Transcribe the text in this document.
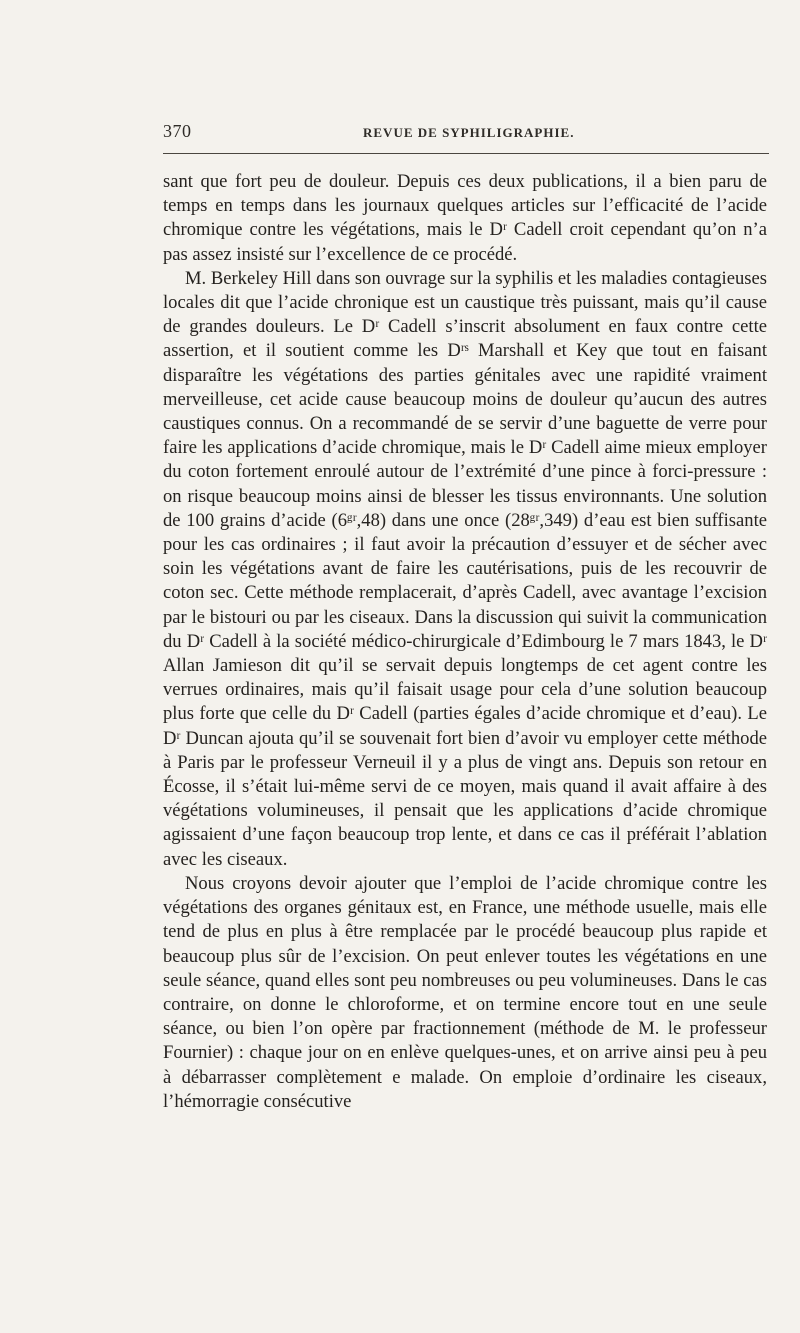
370	REVUE DE SYPHILIGRAPHIE.

sant que fort peu de douleur. Depuis ces deux publications, il a bien paru de temps en temps dans les journaux quelques articles sur l’efficacité de l’acide chromique contre les végétations, mais le Dʳ Cadell croit cependant qu’on n’a pas assez insisté sur l’excellence de ce procédé.

M. Berkeley Hill dans son ouvrage sur la syphilis et les maladies contagieuses locales dit que l’acide chronique est un caustique très puissant, mais qu’il cause de grandes douleurs. Le Dʳ Cadell s’inscrit absolument en faux contre cette assertion, et il soutient comme les Dʳˢ Marshall et Key que tout en faisant disparaître les végétations des parties génitales avec une rapidité vraiment merveilleuse, cet acide cause beaucoup moins de douleur qu’aucun des autres caustiques connus. On a recommandé de se servir d’une baguette de verre pour faire les applications d’acide chromique, mais le Dʳ Cadell aime mieux employer du coton fortement enroulé autour de l’extrémité d’une pince à forci-pressure : on risque beaucoup moins ainsi de blesser les tissus environnants. Une solution de 100 grains d’acide (6ᵍʳ,48) dans une once (28ᵍʳ,349) d’eau est bien suffisante pour les cas ordinaires ; il faut avoir la précaution d’essuyer et de sécher avec soin les végétations avant de faire les cautérisations, puis de les recouvrir de coton sec. Cette méthode remplacerait, d’après Cadell, avec avantage l’excision par le bistouri ou par les ciseaux. Dans la discussion qui suivit la communication du Dʳ Cadell à la société médico-chirurgicale d’Edimbourg le 7 mars 1843, le Dʳ Allan Jamieson dit qu’il se servait depuis longtemps de cet agent contre les verrues ordinaires, mais qu’il faisait usage pour cela d’une solution beaucoup plus forte que celle du Dʳ Cadell (parties égales d’acide chromique et d’eau). Le Dʳ Duncan ajouta qu’il se souvenait fort bien d’avoir vu employer cette méthode à Paris par le professeur Verneuil il y a plus de vingt ans. Depuis son retour en Écosse, il s’était lui-même servi de ce moyen, mais quand il avait affaire à des végétations volumineuses, il pensait que les applications d’acide chromique agissaient d’une façon beaucoup trop lente, et dans ce cas il préférait l’ablation avec les ciseaux.

Nous croyons devoir ajouter que l’emploi de l’acide chromique contre les végétations des organes génitaux est, en France, une méthode usuelle, mais elle tend de plus en plus à être remplacée par le procédé beaucoup plus rapide et beaucoup plus sûr de l’excision. On peut enlever toutes les végétations en une seule séance, quand elles sont peu nombreuses ou peu volumineuses. Dans le cas contraire, on donne le chloroforme, et on termine encore tout en une seule séance, ou bien l’on opère par fractionnement (méthode de M. le professeur Fournier) : chaque jour on en enlève quelques-unes, et on arrive ainsi peu à peu à débarrasser complètement e malade. On emploie d’ordinaire les ciseaux, l’hémorragie consécutive
